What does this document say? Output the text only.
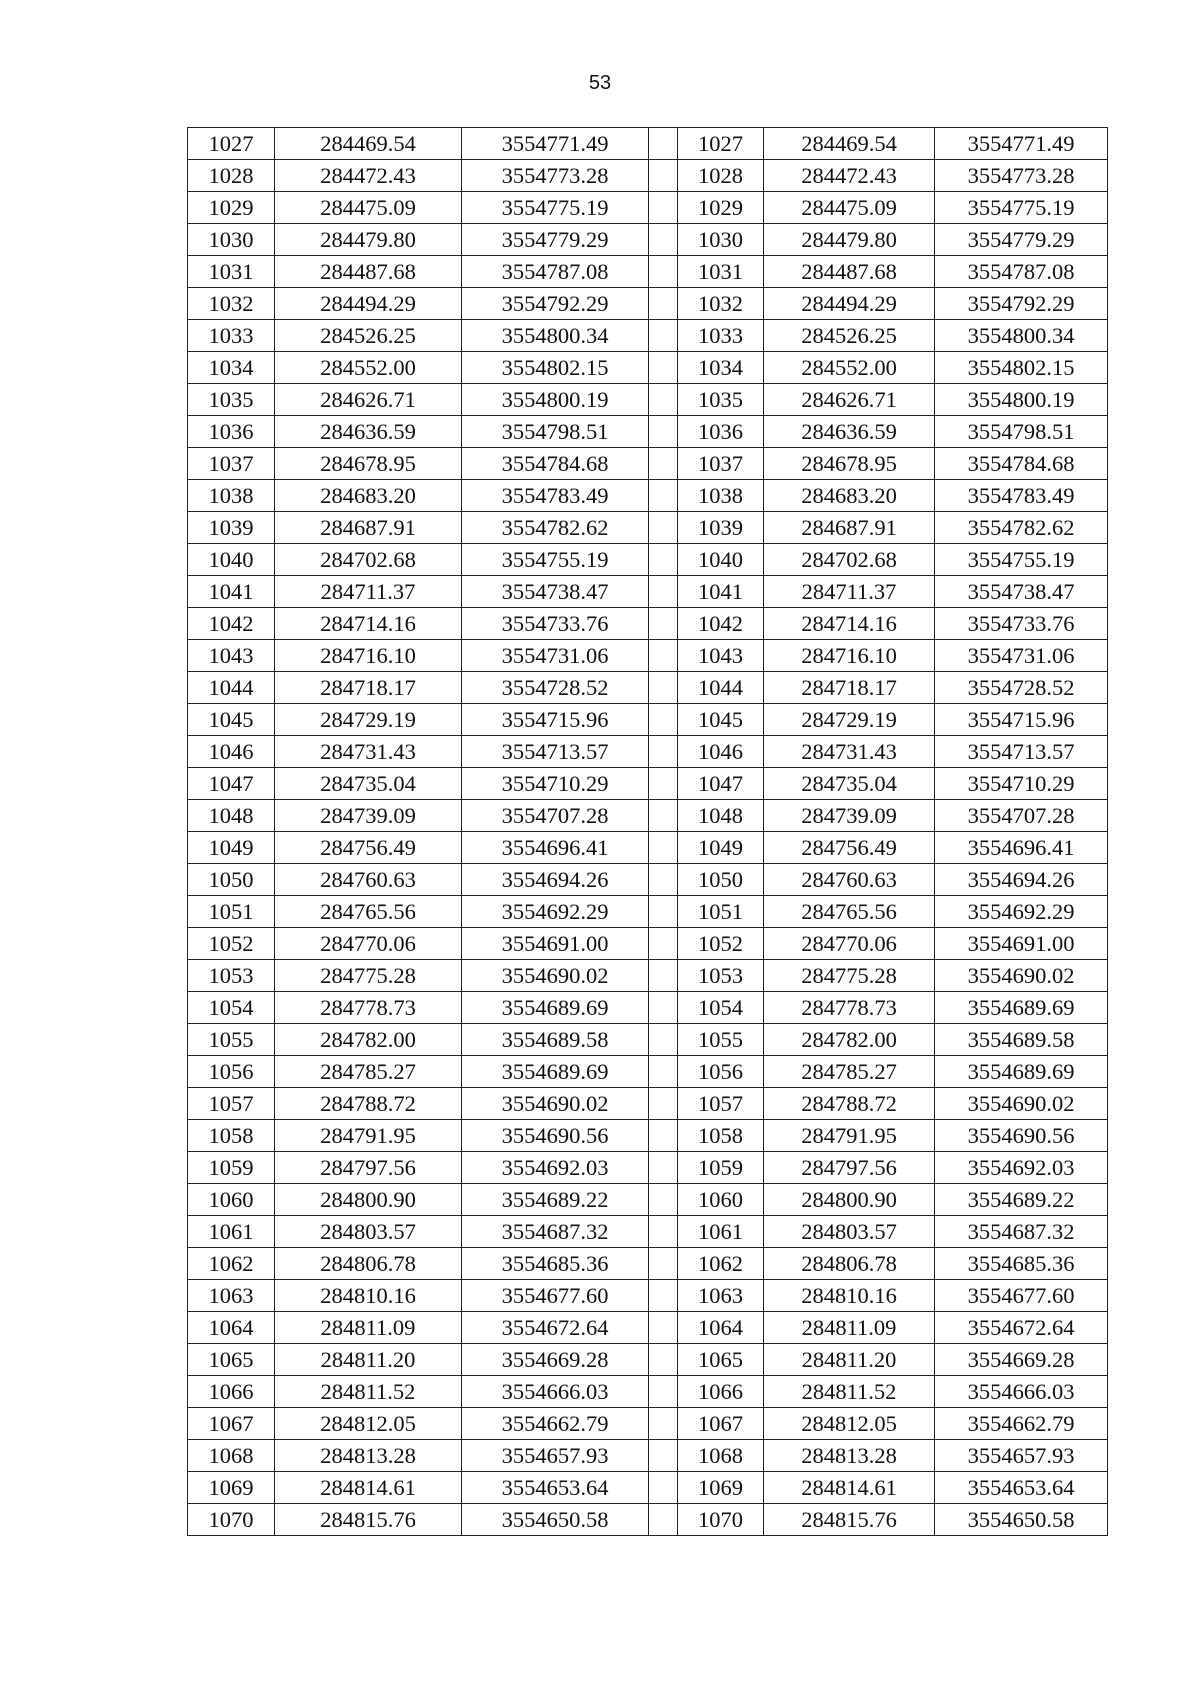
53
1027	284469.54	3554771.49		1027	284469.54	3554771.49
1028	284472.43	3554773.28		1028	284472.43	3554773.28
1029	284475.09	3554775.19		1029	284475.09	3554775.19
1030	284479.80	3554779.29		1030	284479.80	3554779.29
1031	284487.68	3554787.08		1031	284487.68	3554787.08
1032	284494.29	3554792.29		1032	284494.29	3554792.29
1033	284526.25	3554800.34		1033	284526.25	3554800.34
1034	284552.00	3554802.15		1034	284552.00	3554802.15
1035	284626.71	3554800.19		1035	284626.71	3554800.19
1036	284636.59	3554798.51		1036	284636.59	3554798.51
1037	284678.95	3554784.68		1037	284678.95	3554784.68
1038	284683.20	3554783.49		1038	284683.20	3554783.49
1039	284687.91	3554782.62		1039	284687.91	3554782.62
1040	284702.68	3554755.19		1040	284702.68	3554755.19
1041	284711.37	3554738.47		1041	284711.37	3554738.47
1042	284714.16	3554733.76		1042	284714.16	3554733.76
1043	284716.10	3554731.06		1043	284716.10	3554731.06
1044	284718.17	3554728.52		1044	284718.17	3554728.52
1045	284729.19	3554715.96		1045	284729.19	3554715.96
1046	284731.43	3554713.57		1046	284731.43	3554713.57
1047	284735.04	3554710.29		1047	284735.04	3554710.29
1048	284739.09	3554707.28		1048	284739.09	3554707.28
1049	284756.49	3554696.41		1049	284756.49	3554696.41
1050	284760.63	3554694.26		1050	284760.63	3554694.26
1051	284765.56	3554692.29		1051	284765.56	3554692.29
1052	284770.06	3554691.00		1052	284770.06	3554691.00
1053	284775.28	3554690.02		1053	284775.28	3554690.02
1054	284778.73	3554689.69		1054	284778.73	3554689.69
1055	284782.00	3554689.58		1055	284782.00	3554689.58
1056	284785.27	3554689.69		1056	284785.27	3554689.69
1057	284788.72	3554690.02		1057	284788.72	3554690.02
1058	284791.95	3554690.56		1058	284791.95	3554690.56
1059	284797.56	3554692.03		1059	284797.56	3554692.03
1060	284800.90	3554689.22		1060	284800.90	3554689.22
1061	284803.57	3554687.32		1061	284803.57	3554687.32
1062	284806.78	3554685.36		1062	284806.78	3554685.36
1063	284810.16	3554677.60		1063	284810.16	3554677.60
1064	284811.09	3554672.64		1064	284811.09	3554672.64
1065	284811.20	3554669.28		1065	284811.20	3554669.28
1066	284811.52	3554666.03		1066	284811.52	3554666.03
1067	284812.05	3554662.79		1067	284812.05	3554662.79
1068	284813.28	3554657.93		1068	284813.28	3554657.93
1069	284814.61	3554653.64		1069	284814.61	3554653.64
1070	284815.76	3554650.58		1070	284815.76	3554650.58
